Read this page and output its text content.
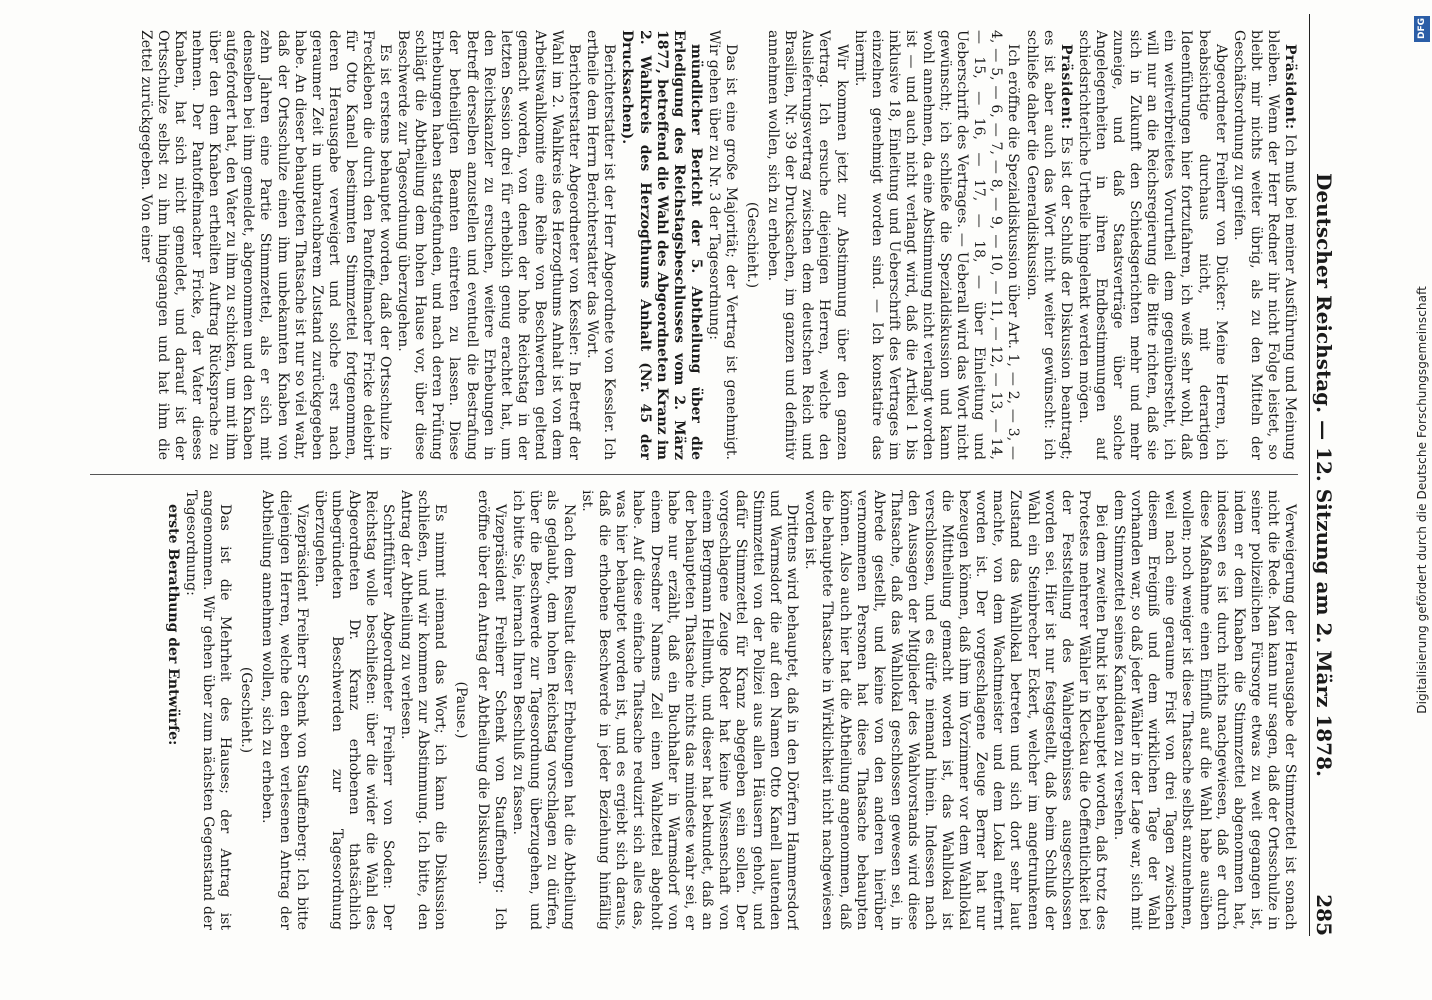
Deutscher Reichstag. — 12. Sitzung am 2. März 1878.
285

Präsident: Ich muß bei meiner Ausführung und Meinung bleiben. Wenn der Herr Redner ihr nicht Folge leistet, so bleibt mir nichts weiter übrig, als zu den Mitteln der Geschäftsordnung zu greifen.

Abgeordneter Freiherr von Dücker: Meine Herren, ich beabsichtige durchaus nicht, mit derartigen Ideenführungen hier fortzufahren, ich weiß sehr wohl, daß ein weitverbreitetes Vorurtheil dem gegenübersteht, ich will nur an die Reichsregierung die Bitte richten, daß sie sich in Zukunft den Schiedsgerichten mehr und mehr zuneige, und daß Staatsverträge über solche Angelegenheiten in ihren Endbestimmungen auf schiedsrichterliche Urtheile hingelenkt werden mögen.

Präsident: Es ist der Schluß der Diskussion beantragt; es ist aber auch das Wort nicht weiter gewünscht: ich schließe daher die Generaldiskussion.

Ich eröffne die Spezialdiskussion über Art. 1, — 2, — 3, — 4, — 5, — 6, — 7, — 8, — 9, — 10, — 11, — 12, — 13, — 14, — 15, — 16, — 17, — 18, — über Einleitung und Ueberschrift des Vertrages. — Ueberall wird das Wort nicht gewünscht; ich schließe die Spezialdiskussion und kann wohl annehmen, da eine Abstimmung nicht verlangt worden ist — und auch nicht verlangt wird, daß die Artikel 1 bis inklusive 18, Einleitung und Ueberschrift des Vertrages im einzelnen genehmigt worden sind. — Ich konstatire das hiermit.

Wir kommen jetzt zur Abstimmung über den ganzen Vertrag. Ich ersuche diejenigen Herren, welche den Auslieferungsvertrag zwischen dem deutschen Reich und Brasilien, Nr. 39 der Drucksachen, im ganzen und definitiv annehmen wollen, sich zu erheben.

(Geschieht.)

Das ist eine große Majorität; der Vertrag ist genehmigt. Wir gehen über zu Nr. 3 der Tagesordnung:

mündlicher Bericht der 5. Abtheilung über die Erledigung des Reichstagsbeschlusses vom 2. März 1877, betreffend die Wahl des Abgeordneten Kranz im 2. Wahlkreis des Herzogthums Anhalt (Nr. 45 der Drucksachen).

Berichterstatter ist der Herr Abgeordnete von Kessler. Ich ertheile dem Herrn Berichterstatter das Wort.

Berichterstatter Abgeordneter von Kessler: In Betreff der Wahl im 2. Wahlkreis des Herzogthums Anhalt ist von dem Arbeitswahlkomite eine Reihe von Beschwerden geltend gemacht worden, von denen der hohe Reichstag in der letzten Session drei für erheblich genug erachtet hat, um den Reichskanzler zu ersuchen, weitere Erhebungen in Betreff derselben anzustellen und eventuell die Bestrafung der betheiligten Beamten eintreten zu lassen. Diese Erhebungen haben stattgefunden, und nach deren Prüfung schlägt die Abtheilung dem hohen Hause vor, über diese Beschwerde zur Tagesordnung überzugehen.

Es ist erstens behauptet worden, daß der Ortsschulze in Freckleben die durch den Pantoffelmacher Fricke delebirt für Otto Kanell bestimmten Stimmzettel fortgenommen, deren Herausgabe verweigert und solche erst nach geraumer Zeit in unbrauchbarem Zustand zurückgegeben habe. An dieser behaupteten Thatsache ist nur so viel wahr, daß der Ortsschulze einen ihm unbekannten Knaben von zehn Jahren eine Partie Stimmzettel, als er sich mit denselben bei ihm gemeldet, abgenommen und den Knaben aufgefordert hat, den Vater zu ihm zu schicken, um mit ihm über den dem Knaben ertheilten Auftrag Rücksprache zu nehmen. Der Pantoffelmacher Fricke, der Vater dieses Knaben, hat sich nicht gemeldet, und darauf ist der Ortsschulze selbst zu ihm hingegangen und hat ihm die Zettel zurückgegeben. Von einer

Verweigerung der Herausgabe der Stimmzettel ist sonach nicht die Rede. Man kann nur sagen, daß der Ortsschulze in seiner polizeilichen Fürsorge etwas zu weit gegangen ist, indem er dem Knaben die Stimmzettel abgenommen hat, indessen es ist durch nichts nachgewiesen, daß er durch diese Maßnahme einen Einfluß auf die Wahl habe ausüben wollen; noch weniger ist diese Thatsache selbst anzunehmen, weil nach eine geraume Frist von drei Tagen zwischen diesem Ereigniß und dem wirklichen Tage der Wahl vorhanden war, so daß jeder Wähler in der Lage war, sich mit dem Stimmzettel seines Kandidaten zu versehen.

Bei dem zweiten Punkt ist behauptet worden, daß trotz des Protestes mehrerer Wähler in Kleckau die Oeffentlichkeit bei der Feststellung des Wahlergebnisses ausgeschlossen worden sei. Hier ist nur festgestellt, daß beim Schluß der Wahl ein Steinbrecher Eckert, welcher im angetrunkenen Zustand das Wahllokal betreten und sich dort sehr laut machte, von dem Wachtmeister und dem Lokal entfernt worden ist. Der vorgeschlagene Zeuge Berner hat nur bezeugen können, daß ihm im Vorzimmer vor dem Wahllokal die Mittheilung gemacht worden ist, das Wahllokal ist verschlossen, und es dürfe niemand hinein. Indessen nach den Aussagen der Mitglieder des Wahlvorstands wird diese Thatsache, daß das Wahllokal geschlossen gewesen sei, in Abrede gestellt, und keine von den anderen hierüber vernommenen Personen hat diese Thatsache behaupten können. Also auch hier hat die Abtheilung angenommen, daß die behauptete Thatsache in Wirklichkeit nicht nachgewiesen worden ist.

Drittens wird behauptet, daß in den Dörfern Hammersdorf und Warmsdorf die auf den Namen Otto Kanell lautenden Stimmzettel von der Polizei aus allen Häusern geholt, und dafür Stimmzettel für Kranz abgegeben sein sollen. Der vorgeschlagene Zeuge Roder hat keine Wissenschaft von einem Bergmann Hellmuth, und dieser hat bekundet, daß an der behaupteten Thatsache nichts das mindeste wahr sei, er habe nur erzählt, daß ein Buchhalter in Warmsdorf von einem Dresdner Namens Zeil einen Wahlzettel abgeholt habe. Auf diese einfache Thatsache reduzirt sich alles das, was hier behauptet worden ist, und es ergiebt sich daraus, daß die erhobene Beschwerde in jeder Beziehung hinfällig ist.

Nach dem Resultat dieser Erhebungen hat die Abtheilung als geglaubt, dem hohen Reichstag vorschlagen zu dürfen, über die Beschwerde zur Tagesordnung überzugehen, und ich bitte Sie, hiernach Ihren Beschluß zu fassen.

Vizepräsident Freiherr Schenk von Stauffenberg: Ich eröffne über den Antrag der Abtheilung die Diskussion.

(Pause.)

Es nimmt niemand das Wort; ich kann die Diskussion schließen, und wir kommen zur Abstimmung. Ich bitte, den Antrag der Abtheilung zu verlesen.

Schriftführer Abgeordneter Freiherr von Soden: Der Reichstag wolle beschließen: über die wider die Wahl des Abgeordneten Dr. Kranz erhobenen thatsächlich unbegründeten Beschwerden zur Tagesordnung überzugehen.

Vizepräsident Freiherr Schenk von Stauffenberg: Ich bitte diejenigen Herren, welche den eben verlesenen Antrag der Abtheilung annehmen wollen, sich zu erheben.

(Geschieht.)

Das ist die Mehrheit des Hauses; der Antrag ist angenommen. Wir gehen über zum nächsten Gegenstand der Tagesordnung:

erste Berathung der Entwürfe:	Digitalisierung gefördert durch die Deutsche Forschungsgemeinschaft
DFG
